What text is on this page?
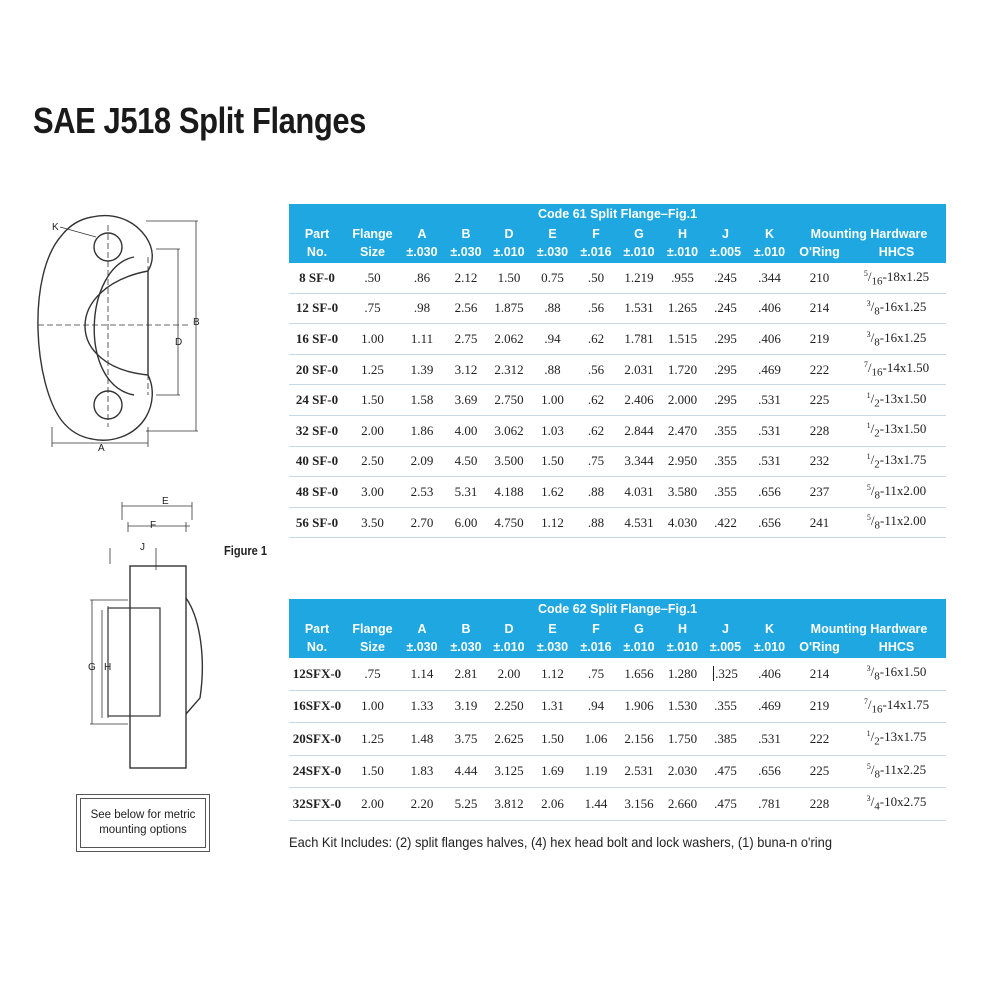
SAE J518 Split Flanges
K
B
D
A
E
F
J
G H
Figure 1
See below for metric
mounting options
Code 61 Split Flange–Fig.1												
Part	Flange	A	B	D	E	F	G	H	J	K	Mounting Hardware	
No.	Size	±.030	±.030	±.010	±.030	±.016	±.010	±.010	±.005	±.010	O'Ring	HHCS
8 SF-0	.50	.86	2.12	1.50	0.75	.50	1.219	.955	.245	.344	210	$^5/_{16}-18x1.25$
12 SF-0	.75	.98	2.56	1.875	.88	.56	1.531	1.265	.245	.406	214	$^3/_8-16x1.25$
16 SF-0	1.00	1.11	2.75	2.062	.94	.62	1.781	1.515	.295	.406	219	$^3/_8-16x1.25$
20 SF-0	1.25	1.39	3.12	2.312	.88	.56	2.031	1.720	.295	.469	222	$^7/_{16}-14x1.50$
24 SF-0	1.50	1.58	3.69	2.750	1.00	.62	2.406	2.000	.295	.531	225	$^1/_2-13x1.50$
32 SF-0	2.00	1.86	4.00	3.062	1.03	.62	2.844	2.470	.355	.531	228	$^1/_2-13x1.50$
40 SF-0	2.50	2.09	4.50	3.500	1.50	.75	3.344	2.950	.355	.531	232	$^1/_2-13x1.75$
48 SF-0	3.00	2.53	5.31	4.188	1.62	.88	4.031	3.580	.355	.656	237	$^5/_8-11x2.00$
56 SF-0	3.50	2.70	6.00	4.750	1.12	.88	4.531	4.030	.422	.656	241	$^5/_8-11x2.00$
Code 62 Split Flange–Fig.1												
Part	Flange	A	B	D	E	F	G	H	J	K	Mounting Hardware	
No.	Size	±.030	±.030	±.010	±.030	±.016	±.010	±.010	±.005	±.010	O'Ring	HHCS
12SFX-0	.75	1.14	2.81	2.00	1.12	.75	1.656	1.280	.325	.406	214	$^3/_8-16x1.50$
16SFX-0	1.00	1.33	3.19	2.250	1.31	.94	1.906	1.530	.355	.469	219	$^7/_{16}-14x1.75$
20SFX-0	1.25	1.48	3.75	2.625	1.50	1.06	2.156	1.750	.385	.531	222	$^1/_2-13x1.75$
24SFX-0	1.50	1.83	4.44	3.125	1.69	1.19	2.531	2.030	.475	.656	225	$^5/_8-11x2.25$
32SFX-0	2.00	2.20	5.25	3.812	2.06	1.44	3.156	2.660	.475	.781	228	$^3/_4-10x2.75$
Each Kit Includes: (2) split flanges halves, (4) hex head bolt and lock washers, (1) buna-n o'ring
